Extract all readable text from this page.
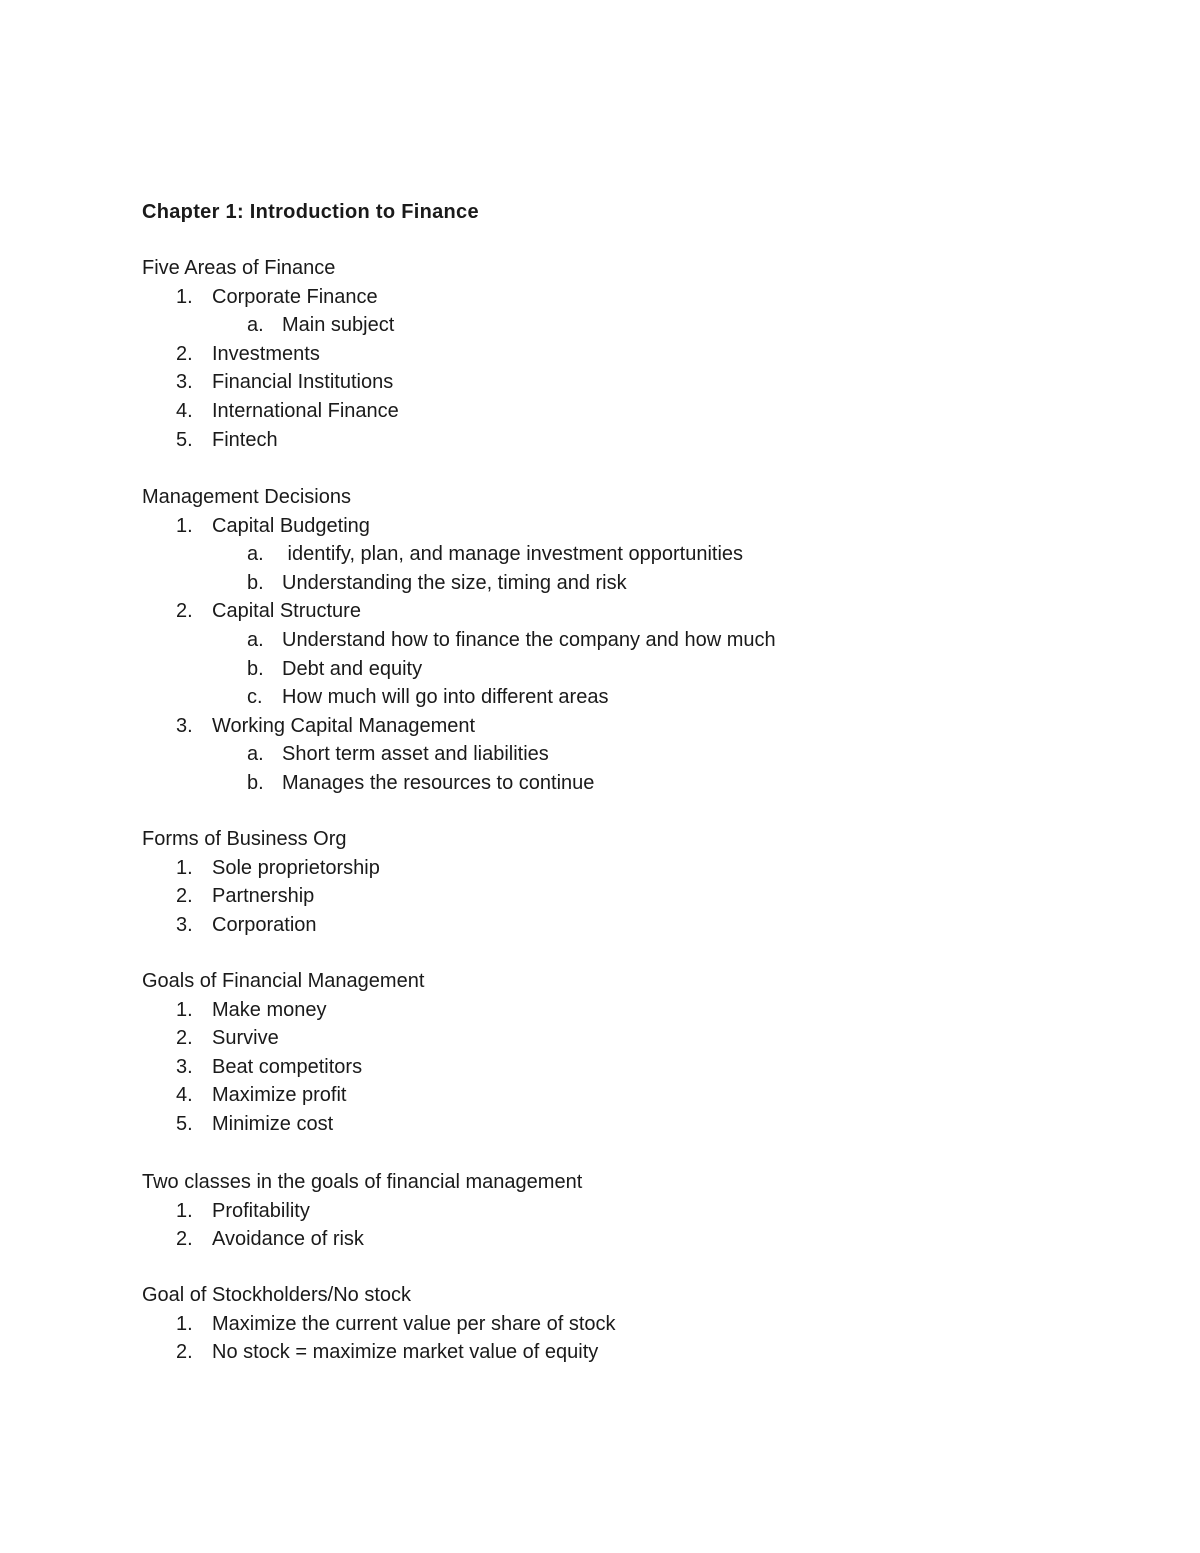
Chapter 1: Introduction to Finance
Five Areas of Finance
1. Corporate Finance
a. Main subject
2. Investments
3. Financial Institutions
4. International Finance
5. Fintech
Management Decisions
1. Capital Budgeting
a. identify, plan, and manage investment opportunities
b. Understanding the size, timing and risk
2. Capital Structure
a. Understand how to finance the company and how much
b. Debt and equity
c. How much will go into different areas
3. Working Capital Management
a. Short term asset and liabilities
b. Manages the resources to continue
Forms of Business Org
1. Sole proprietorship
2. Partnership
3. Corporation
Goals of Financial Management
1. Make money
2. Survive
3. Beat competitors
4. Maximize profit
5. Minimize cost
Two classes in the goals of financial management
1. Profitability
2. Avoidance of risk
Goal of Stockholders/No stock
1. Maximize the current value per share of stock
2. No stock = maximize market value of equity
